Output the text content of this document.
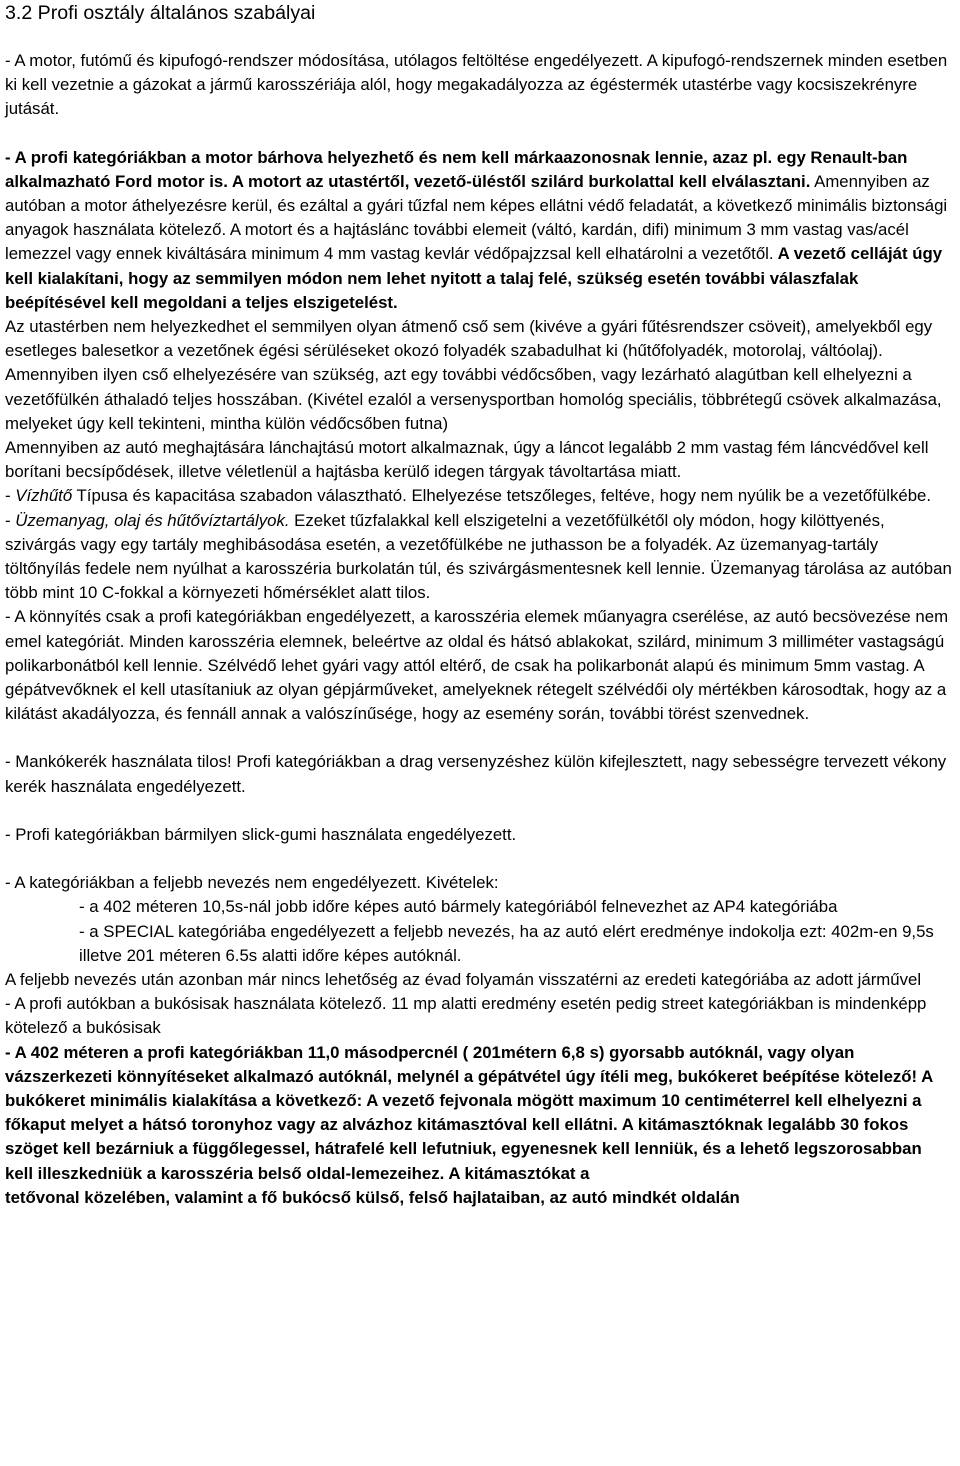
3.2 Profi osztály általános szabályai

- A motor, futómű és kipufogó-rendszer módosítása, utólagos feltöltése engedélyezett. A kipufogó-rendszernek minden esetben ki kell vezetnie a gázokat a jármű karosszériája alól, hogy megakadályozza az égéstermék utastérbe vagy kocsiszekrényre jutását.

- A profi kategóriákban a motor bárhova helyezhető és nem kell márkaazonosnak lennie, azaz pl. egy Renault-ban alkalmazható Ford motor is. A motort az utastértől, vezető-üléstől szilárd burkolattal kell elválasztani. Amennyiben az autóban a motor áthelyezésre kerül, és ezáltal a gyári tűzfal nem képes ellátni védő feladatát, a következő minimális biztonsági anyagok használata kötelező. A motort és a hajtáslánc további elemeit (váltó, kardán, difi) minimum 3 mm vastag vas/acél lemezzel vagy ennek kiváltására minimum 4 mm vastag kevlár védőpajzzsal kell elhatárolni a vezetőtől. A vezető celláját úgy kell kialakítani, hogy az semmilyen módon nem lehet nyitott a talaj felé, szükség esetén további válaszfalak beépítésével kell megoldani a teljes elszigetelést.

Az utastérben nem helyezkedhet el semmilyen olyan átmenő cső sem (kivéve a gyári fűtésrendszer csöveit), amelyekből egy esetleges balesetkor a vezetőnek égési sérüléseket okozó folyadék szabadulhat ki (hűtőfolyadék, motorolaj, váltóolaj). Amennyiben ilyen cső elhelyezésére van szükség, azt egy további védőcsőben, vagy lezárható alagútban kell elhelyezni a vezetőfülkén áthaladó teljes hosszában. (Kivétel ezalól a versenysportban homológ speciális, többrétegű csövek alkalmazása, melyeket úgy kell tekinteni, mintha külön védőcsőben futna)

Amennyiben az autó meghajtására lánchajtású motort alkalmaznak, úgy a láncot legalább 2 mm vastag fém láncvédővel kell borítani becsípődések, illetve véletlenül a hajtásba kerülő idegen tárgyak távoltartása miatt.

- Vízhűtő Típusa és kapacitása szabadon választható. Elhelyezése tetszőleges, feltéve, hogy nem nyúlik be a vezetőfülkébe.

- Üzemanyag, olaj és hűtővíztartályok. Ezeket tűzfalakkal kell elszigetelni a vezetőfülkétől oly módon, hogy kilöttyenés, szivárgás vagy egy tartály meghibásodása esetén, a vezetőfülkébe ne juthasson be a folyadék. Az üzemanyag-tartály töltőnyílás fedele nem nyúlhat a karosszéria burkolatán túl, és szivárgásmentesnek kell lennie. Üzemanyag tárolása az autóban több mint 10 C-fokkal a környezeti hőmérséklet alatt tilos.

- A könnyítés csak a profi kategóriákban engedélyezett, a karosszéria elemek műanyagra cserélése, az autó becsövezése nem emel kategóriát. Minden karosszéria elemnek, beleértve az oldal és hátsó ablakokat, szilárd, minimum 3 milliméter vastagságú polikarbonátból kell lennie. Szélvédő lehet gyári vagy attól eltérő, de csak ha polikarbonát alapú és minimum 5mm vastag. A gépátvevőknek el kell utasítaniuk az olyan gépjárműveket, amelyeknek rétegelt szélvédői oly mértékben károsodtak, hogy az a kilátást akadályozza, és fennáll annak a valószínűsége, hogy az esemény során, további törést szenvednek.

- Mankókerék használata tilos! Profi kategóriákban a drag versenyzéshez külön kifejlesztett, nagy sebességre tervezett vékony kerék használata engedélyezett.

- Profi kategóriákban bármilyen slick-gumi használata engedélyezett.

- A kategóriákban a feljebb nevezés nem engedélyezett. Kivételek:

- a 402 méteren 10,5s-nál jobb időre képes autó bármely kategóriából felnevezhet az AP4 kategóriába

- a SPECIAL kategóriába engedélyezett a feljebb nevezés, ha az autó elért eredménye indokolja ezt: 402m-en 9,5s illetve 201 méteren 6.5s alatti időre képes autóknál.

A feljebb nevezés után azonban már nincs lehetőség az évad folyamán visszatérni az eredeti kategóriába az adott járművel

- A profi autókban a bukósisak használata kötelező. 11 mp alatti eredmény esetén pedig street kategóriákban is mindenképp kötelező a bukósisak

- A 402 méteren a profi kategóriákban 11,0 másodpercnél ( 201métern 6,8 s) gyorsabb autóknál, vagy olyan vázszerkezeti könnyítéseket alkalmazó autóknál, melynél a gépátvétel úgy ítéli meg, bukókeret beépítése kötelező! A bukókeret minimális kialakítása a következő: A vezető fejvonala mögött maximum 10 centiméterrel kell elhelyezni a főkaput melyet a hátsó toronyhoz vagy az alvázhoz kitámasztóval kell ellátni. A kitámasztóknak legalább 30 fokos szöget kell bezárniuk a függőlegessel, hátrafelé kell lefutniuk, egyenesnek kell lenniük, és a lehető legszorosabban kell illeszkedniük a karosszéria belső oldal-lemezeihez. A kitámasztókat a
tetővonal közelében, valamint a fő bukócső külső, felső hajlataiban, az autó mindkét oldalán
